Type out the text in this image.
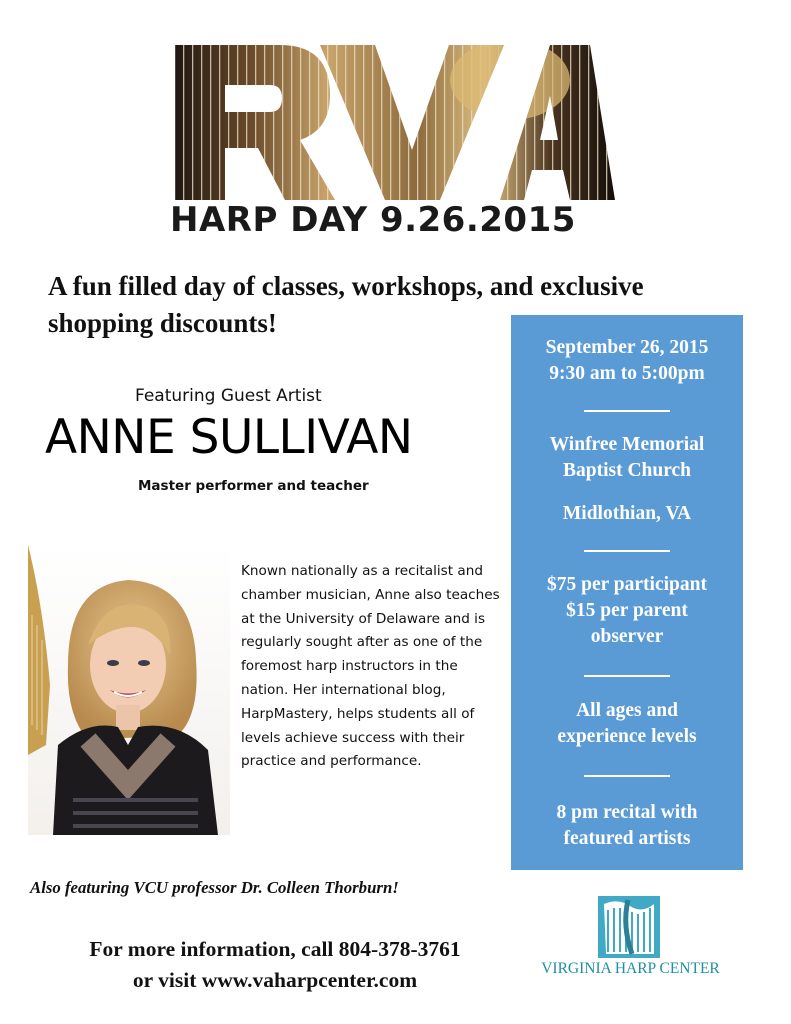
HARP DAY 9.26.2015
A fun filled day of classes, workshops, and exclusive shopping discounts!
Featuring Guest Artist
ANNE SULLIVAN
Master performer and teacher
Known nationally as a recitalist and chamber musician, Anne also teaches at the University of Delaware and is regularly sought after as one of the foremost harp instructors in the nation. Her international blog, HarpMastery, helps students all of levels achieve success with their practice and performance.
September 26, 2015
9:30 am to 5:00pm
Winfree Memorial
Baptist Church
Midlothian, VA
$75 per participant
$15 per parent
observer
All ages and
experience levels
8 pm recital with
featured artists
Also featuring VCU professor Dr. Colleen Thorburn!
For more information, call 804-378-3761
or visit www.vaharpcenter.com	VIRGINIA HARP CENTER
